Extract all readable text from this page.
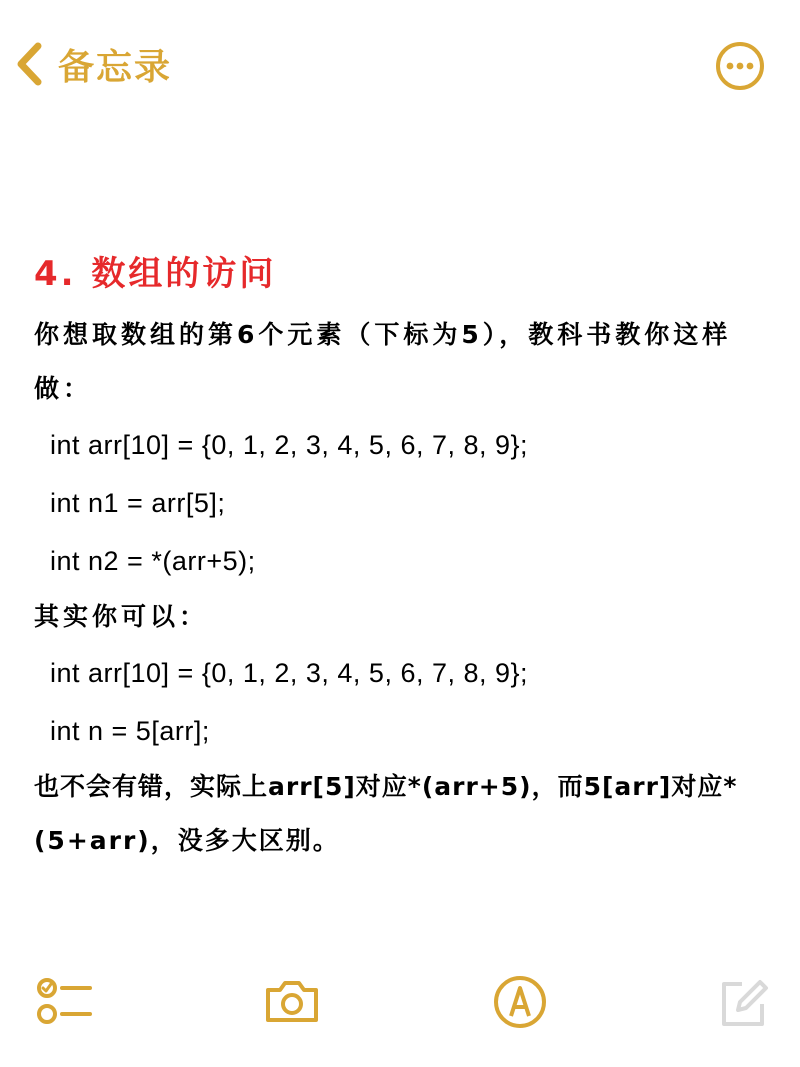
备忘录
4. 数组的访问
你想取数组的第6个元素（下标为5），教科书教你这样
做：
int arr[10] = {0, 1, 2, 3, 4, 5, 6, 7, 8, 9};
int n1 = arr[5];
int n2 = *(arr+5);
其实你可以：
int arr[10] = {0, 1, 2, 3, 4, 5, 6, 7, 8, 9};
int n = 5[arr];
也不会有错，实际上arr[5]对应*(arr+5)，而5[arr]对应*
(5+arr)，没多大区别。
